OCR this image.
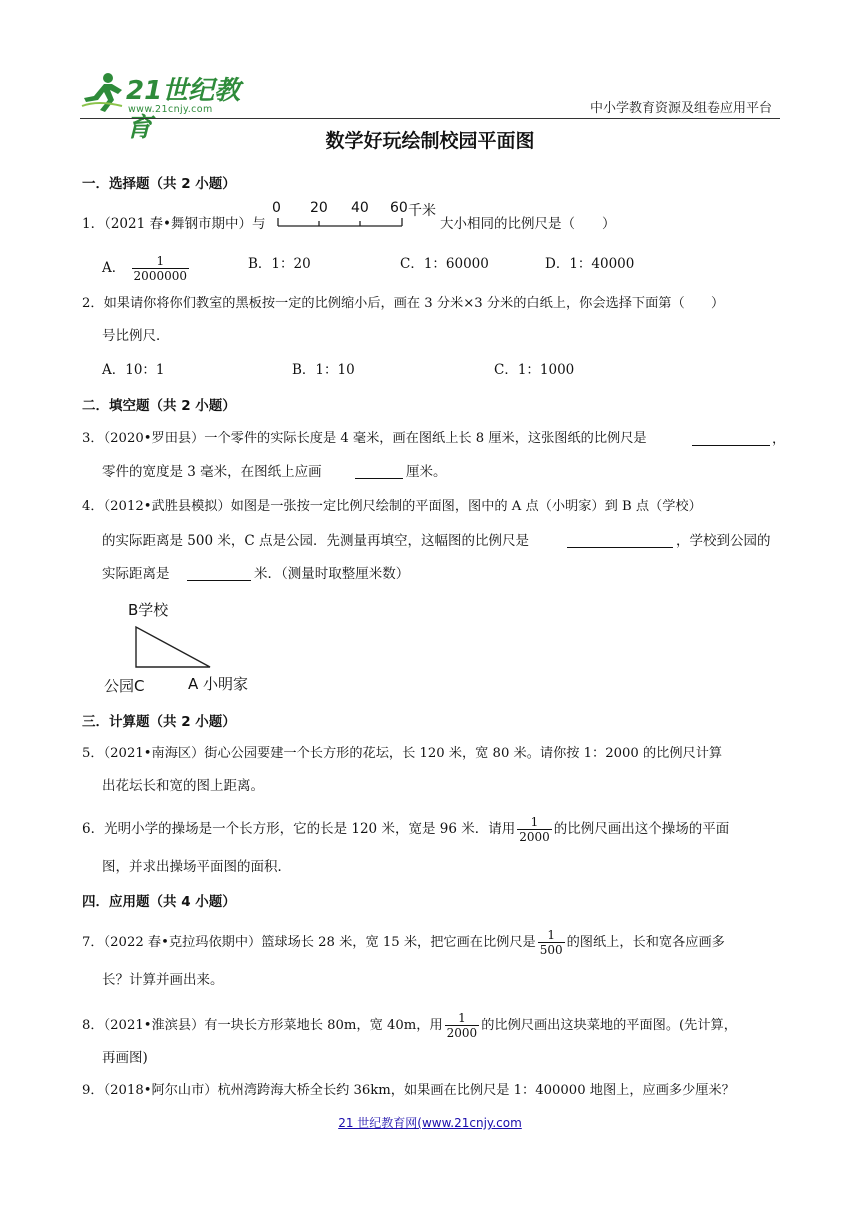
21世纪教育
www.21cnjy.com	中小学教育资源及组卷应用平台
数学好玩绘制校园平面图
一．选择题（共 2 小题）
1．（2021 春•舞钢市期中）与
0 20 40 60 千米
大小相同的比例尺是（　　）
A． $\frac{1}{2000000}$	B．1：20	C．1：60000	D．1：40000
2．如果请你将你们教室的黑板按一定的比例缩小后，画在 3 分米×3 分米的白纸上，你会选择下面第（　　）
号比例尺．
A．10：1	B．1：10	C．1：1000
二．填空题（共 2 小题）
3．（2020•罗田县）一个零件的实际长度是 4 毫米，画在图纸上长 8 厘米，这张图纸的比例尺是	，
零件的宽度是 3 毫米，在图纸上应画	厘米。
4．（2012•武胜县模拟）如图是一张按一定比例尺绘制的平面图，图中的 A 点（小明家）到 B 点（学校）
的实际距离是 500 米，C 点是公园．先测量再填空，这幅图的比例尺是	，学校到公园的
实际距离是	米．（测量时取整厘米数）
B学校
公园C	A 小明家
三．计算题（共 2 小题）
5．（2021•南海区）街心公园要建一个长方形的花坛，长 120 米，宽 80 米。请你按 1：2000 的比例尺计算
出花坛长和宽的图上距离。
6．光明小学的操场是一个长方形，它的长是 120 米，宽是 96 米．请用 $\frac{1}{2000}$ 的比例尺画出这个操场的平面
图，并求出操场平面图的面积．
四．应用题（共 4 小题）
7．（2022 春•克拉玛依期中）篮球场长 28 米，宽 15 米，把它画在比例尺是 $\frac{1}{500}$ 的图纸上，长和宽各应画多
长？计算并画出来。
8．（2021•淮滨县）有一块长方形菜地长 80m，宽 40m，用 $\frac{1}{2000}$ 的比例尺画出这块菜地的平面图。(先计算，
再画图)
9．（2018•阿尔山市）杭州湾跨海大桥全长约 36km，如果画在比例尺是 1：400000 地图上，应画多少厘米？
21 世纪教育网(www.21cnjy.com
